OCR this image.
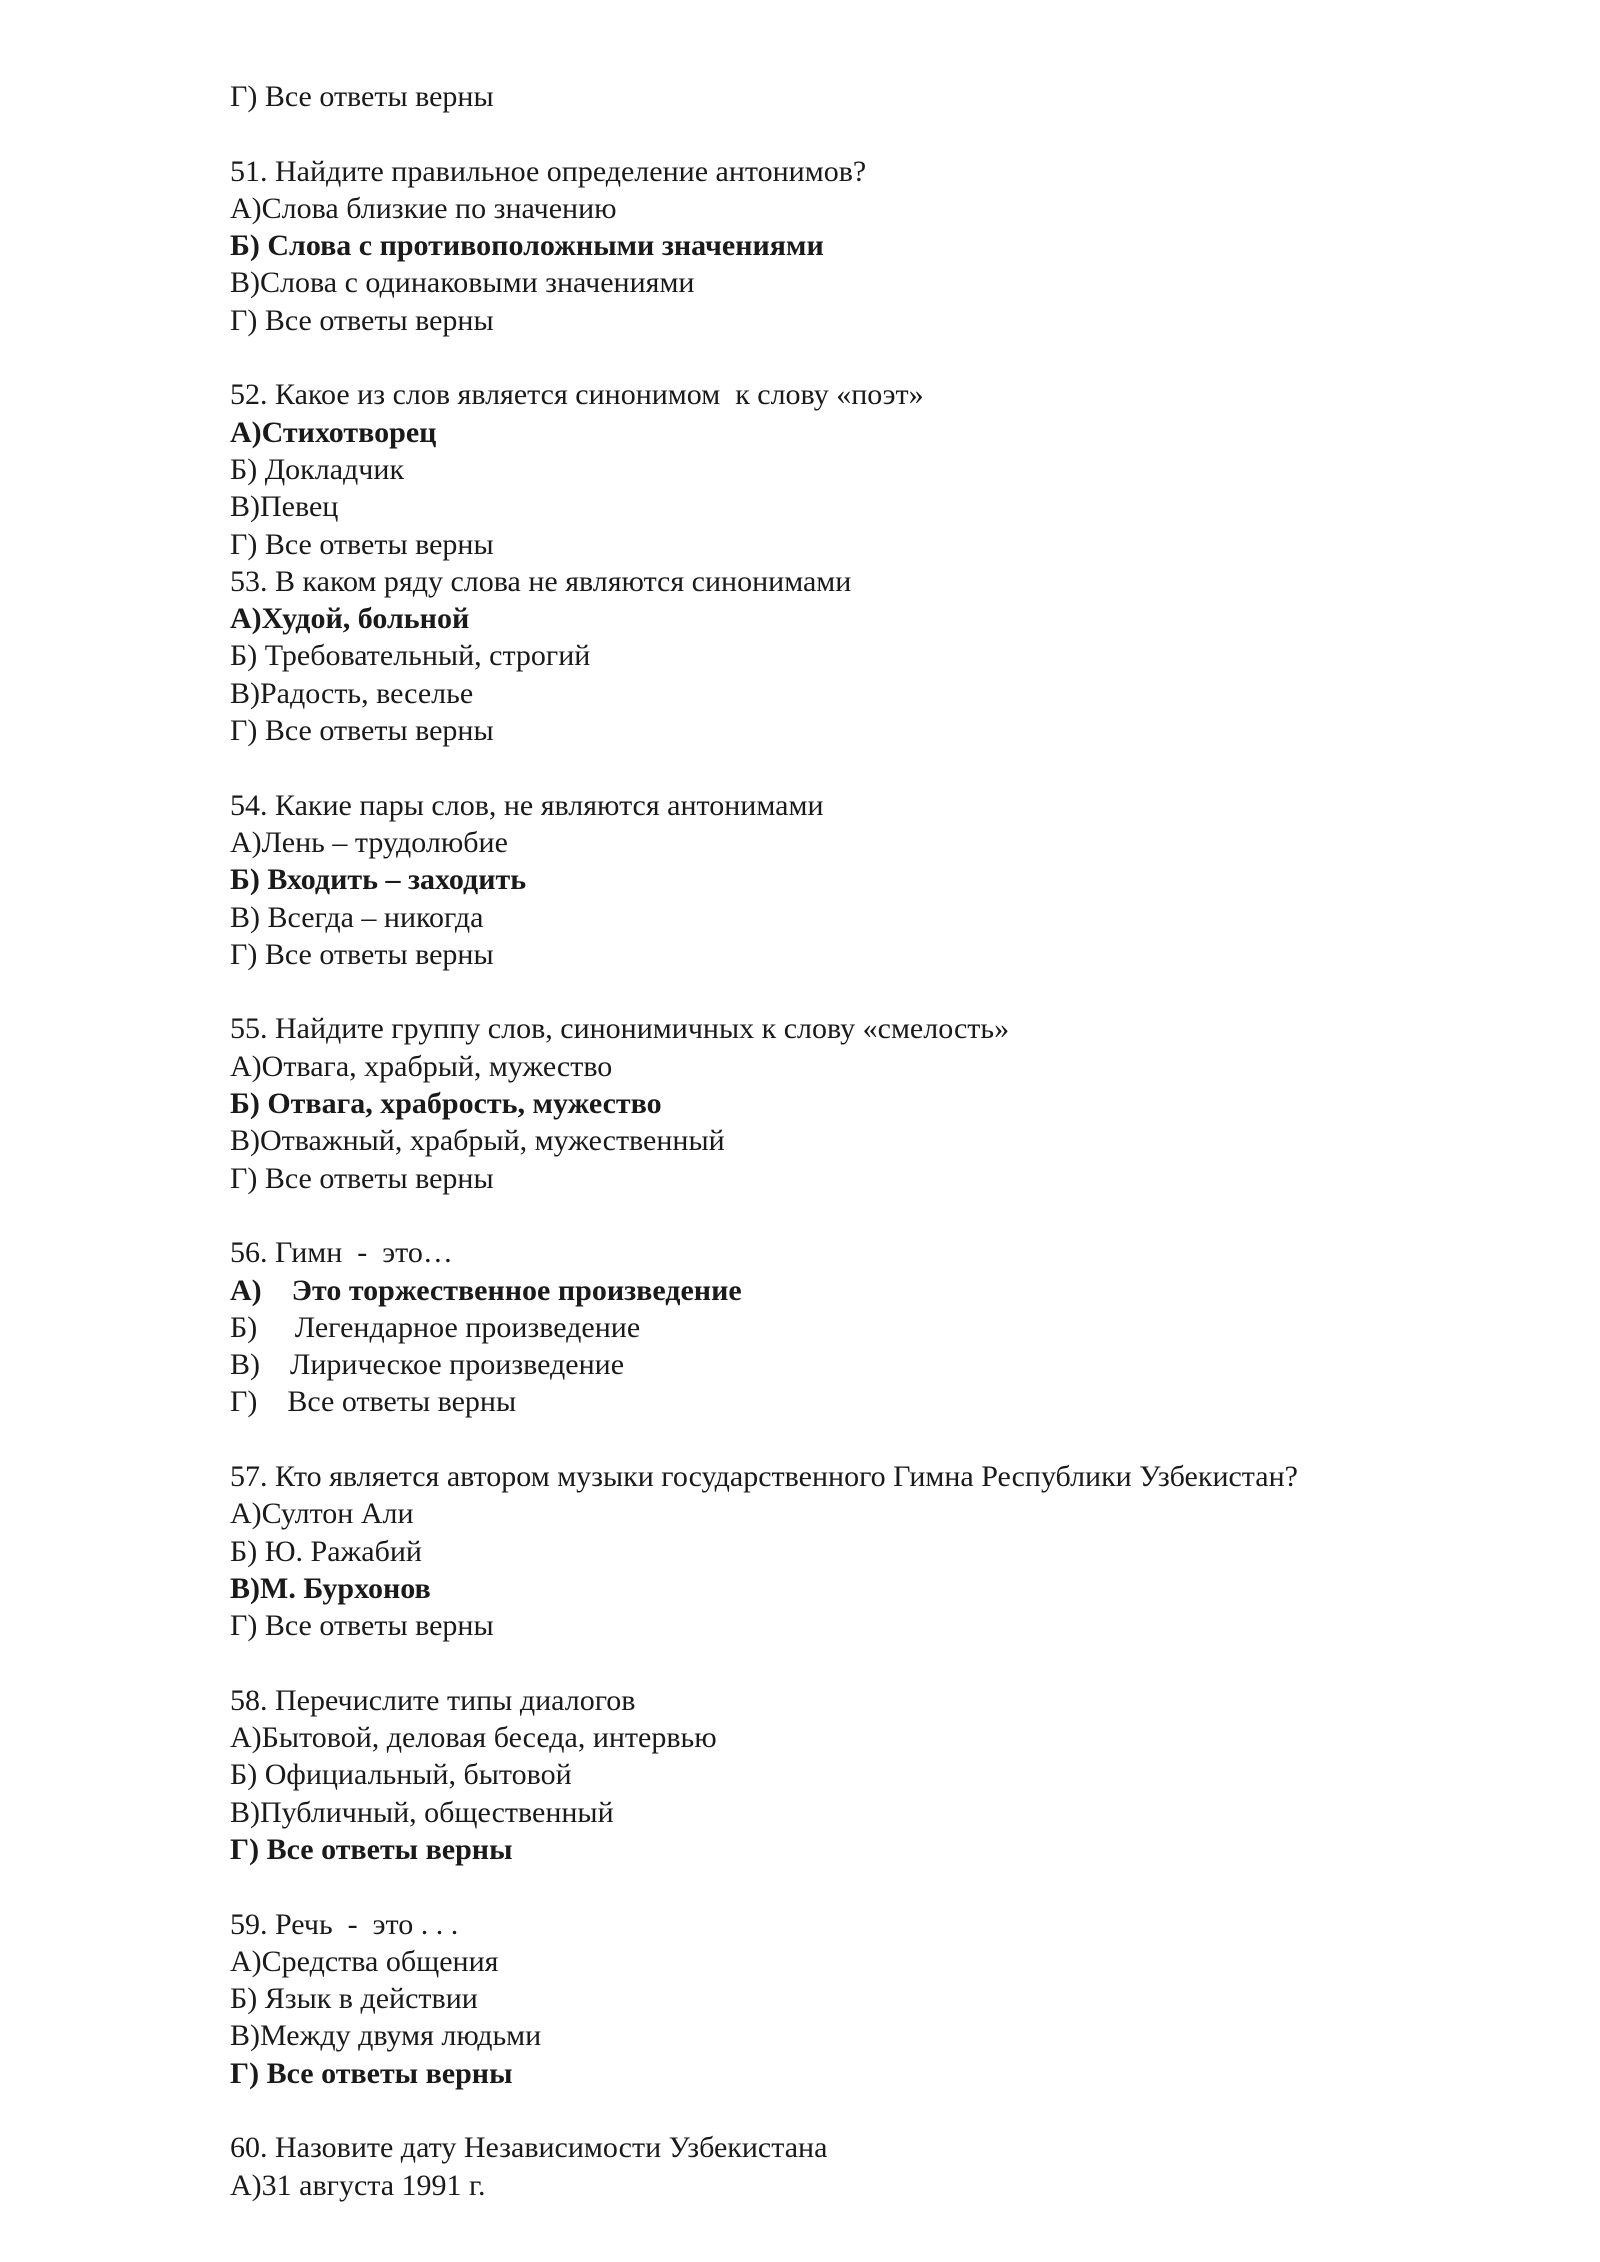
Г) Все ответы верны
51. Найдите правильное определение антонимов?
А)Слова близкие по значению
Б) Слова с противоположными значениями
В)Слова с одинаковыми значениями
Г) Все ответы верны
52. Какое из слов является синонимом  к слову «поэт»
А)Стихотворец
Б) Докладчик
В)Певец
Г) Все ответы верны
53. В каком ряду слова не являются синонимами
А)Худой, больной
Б) Требовательный, строгий
В)Радость, веселье
Г) Все ответы верны
54. Какие пары слов, не являются антонимами
А)Лень – трудолюбие
Б) Входить – заходить
В) Всегда – никогда
Г) Все ответы верны
55. Найдите группу слов, синонимичных к слову «смелость»
А)Отвага, храбрый, мужество
Б) Отвага, храбрость, мужество
В)Отважный, храбрый, мужественный
Г) Все ответы верны
56. Гимн  -  это…
А)    Это торжественное произведение
Б)     Легендарное произведение
В)    Лирическое произведение
Г)    Все ответы верны
57. Кто является автором музыки государственного Гимна Республики Узбекистан?
А)Султон Али
Б) Ю. Ражабий
В)М. Бурхонов
Г) Все ответы верны
58. Перечислите типы диалогов
А)Бытовой, деловая беседа, интервью
Б) Официальный, бытовой
В)Публичный, общественный
Г) Все ответы верны
59. Речь  -  это . . .
А)Средства общения
Б) Язык в действии
В)Между двумя людьми
Г) Все ответы верны
60. Назовите дату Независимости Узбекистана
А)31 августа 1991 г.
